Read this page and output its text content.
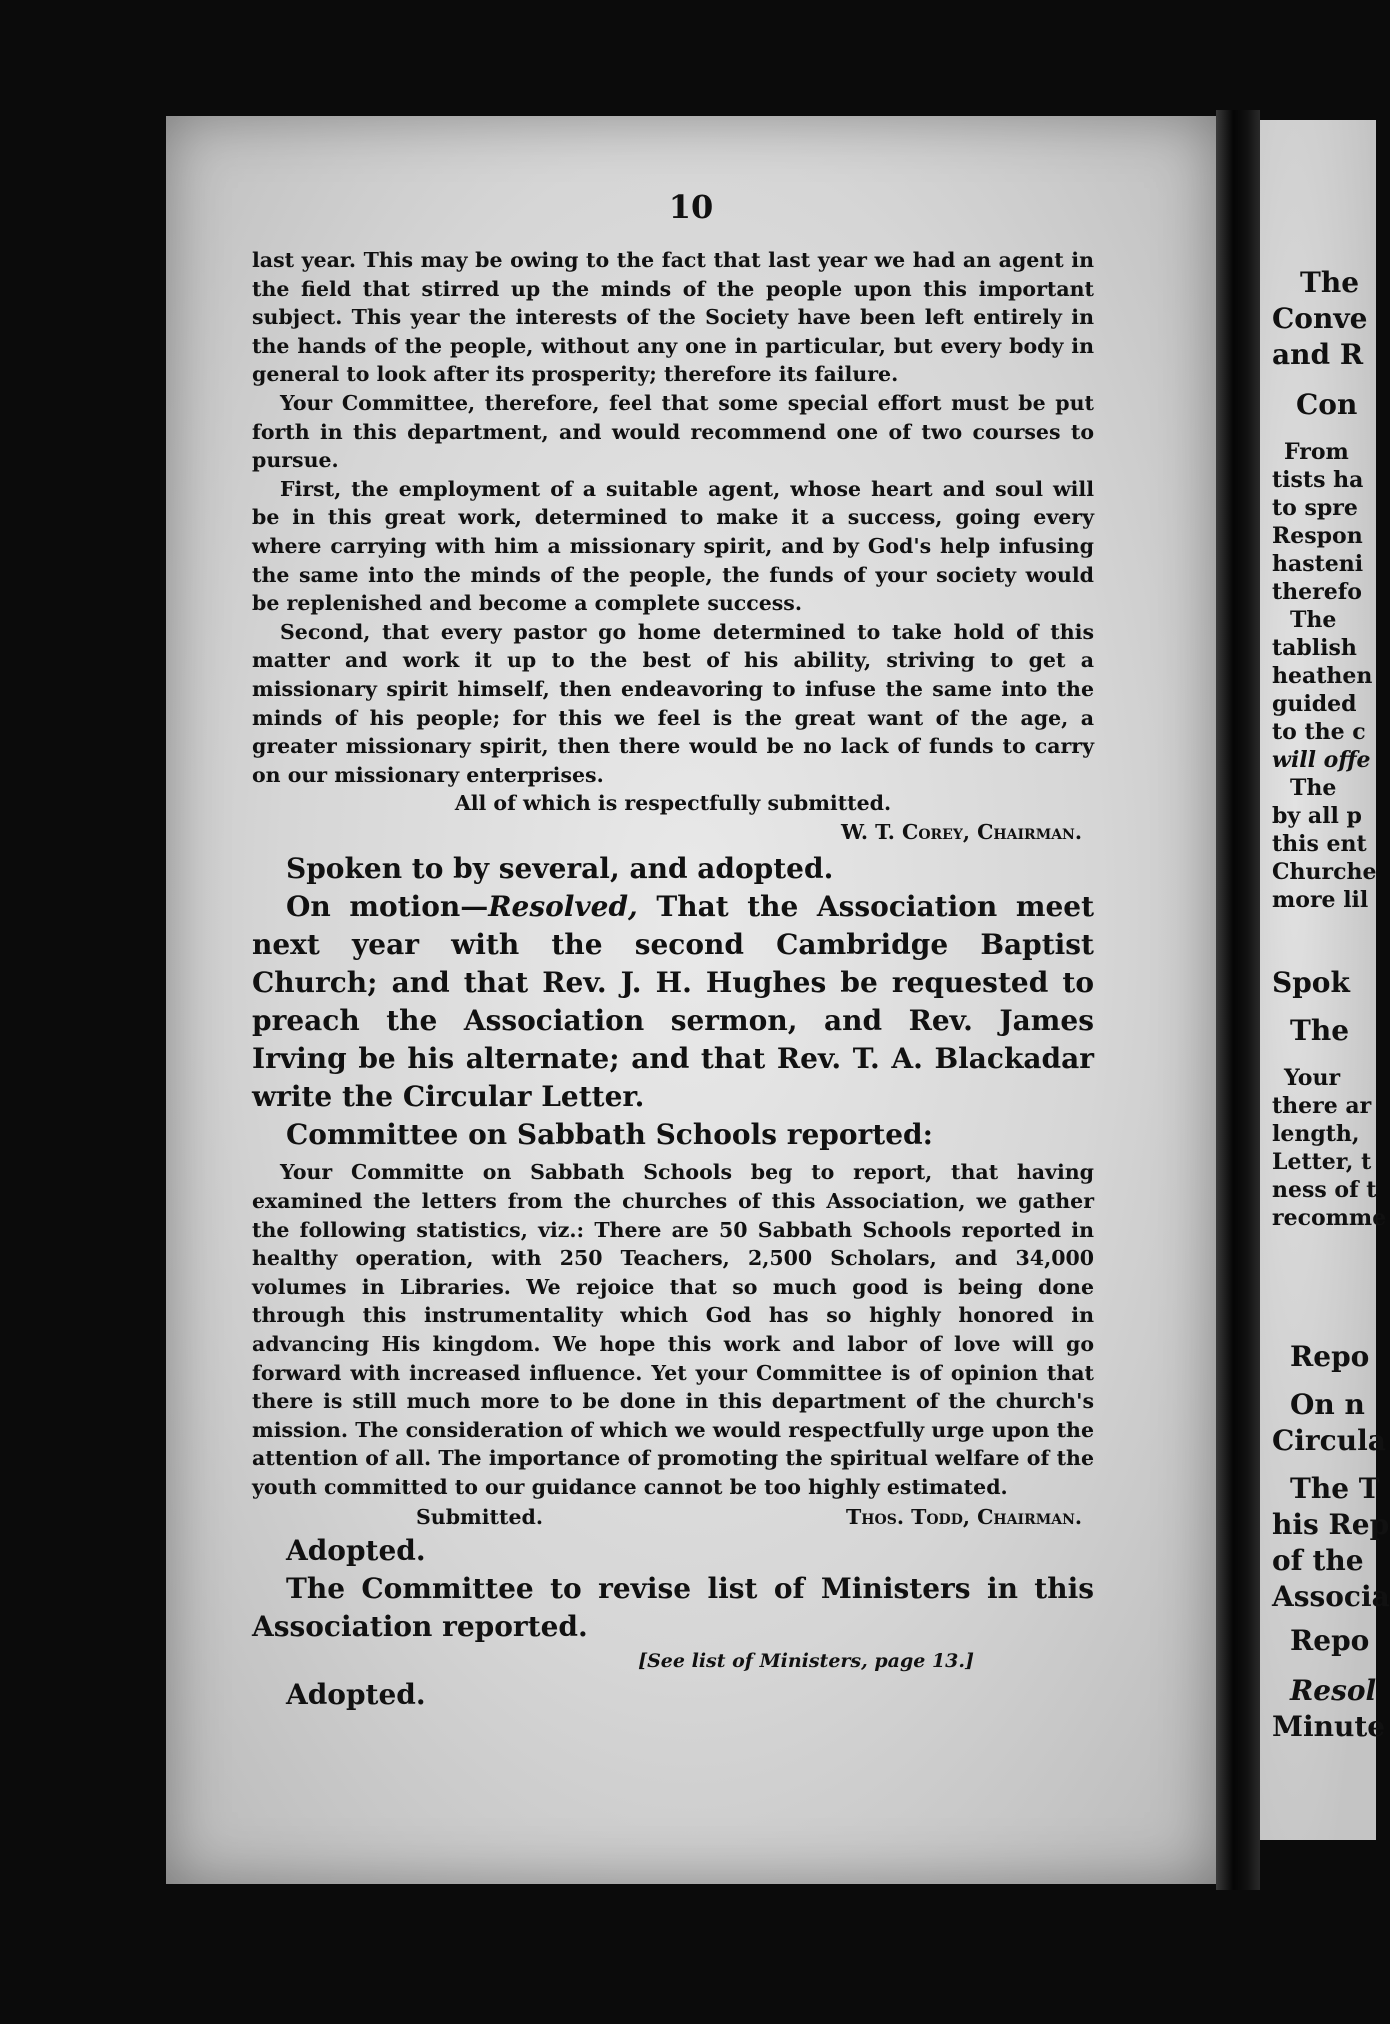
10

last year. This may be owing to the fact that last year we had an agent in the field that stirred up the minds of the people upon this important subject. This year the interests of the Society have been left entirely in the hands of the people, without any one in particular, but every body in general to look after its prosperity; therefore its failure.

Your Committee, therefore, feel that some special effort must be put forth in this department, and would recommend one of two courses to pursue.

First, the employment of a suitable agent, whose heart and soul will be in this great work, determined to make it a success, going every where carrying with him a missionary spirit, and by God's help infusing the same into the minds of the people, the funds of your society would be replenished and become a complete success.

Second, that every pastor go home determined to take hold of this matter and work it up to the best of his ability, striving to get a missionary spirit himself, then endeavoring to infuse the same into the minds of his people; for this we feel is the great want of the age, a greater missionary spirit, then there would be no lack of funds to carry on our missionary enterprises.

All of which is respectfully submitted.

W. T. Corey, Chairman.

Spoken to by several, and adopted.

On motion—Resolved, That the Association meet next year with the second Cambridge Baptist Church; and that Rev. J. H. Hughes be requested to preach the Association sermon, and Rev. James Irving be his alternate; and that Rev. T. A. Blackadar write the Circular Letter.

Committee on Sabbath Schools reported:

Your Committe on Sabbath Schools beg to report, that having examined the letters from the churches of this Association, we gather the following statistics, viz.: There are 50 Sabbath Schools reported in healthy operation, with 250 Teachers, 2,500 Scholars, and 34,000 volumes in Libraries. We rejoice that so much good is being done through this instrumentality which God has so highly honored in advancing His kingdom. We hope this work and labor of love will go forward with increased influence. Yet your Committee is of opinion that there is still much more to be done in this department of the church's mission. The consideration of which we would respectfully urge upon the attention of all. The importance of promoting the spiritual welfare of the youth committed to our guidance cannot be too highly estimated.

Submitted.	Thos. Todd, Chairman.

Adopted.

The Committee to revise list of Ministers in this Association reported.

[See list of Ministers, page 13.]

Adopted.

The
Conve
and R
Con
From
tists ha
to spre
Respon
hasteni
therefo
The
tablish
heathen
guided
to the c
will offe
The
by all p
this ent
Churche
more lil
Spok
The
Your
there ar
length,
Letter, t
ness of t
recomme
Repo
On n
Circula
The T
his Rep
of the
Associa
Repo
Resol
Minute
